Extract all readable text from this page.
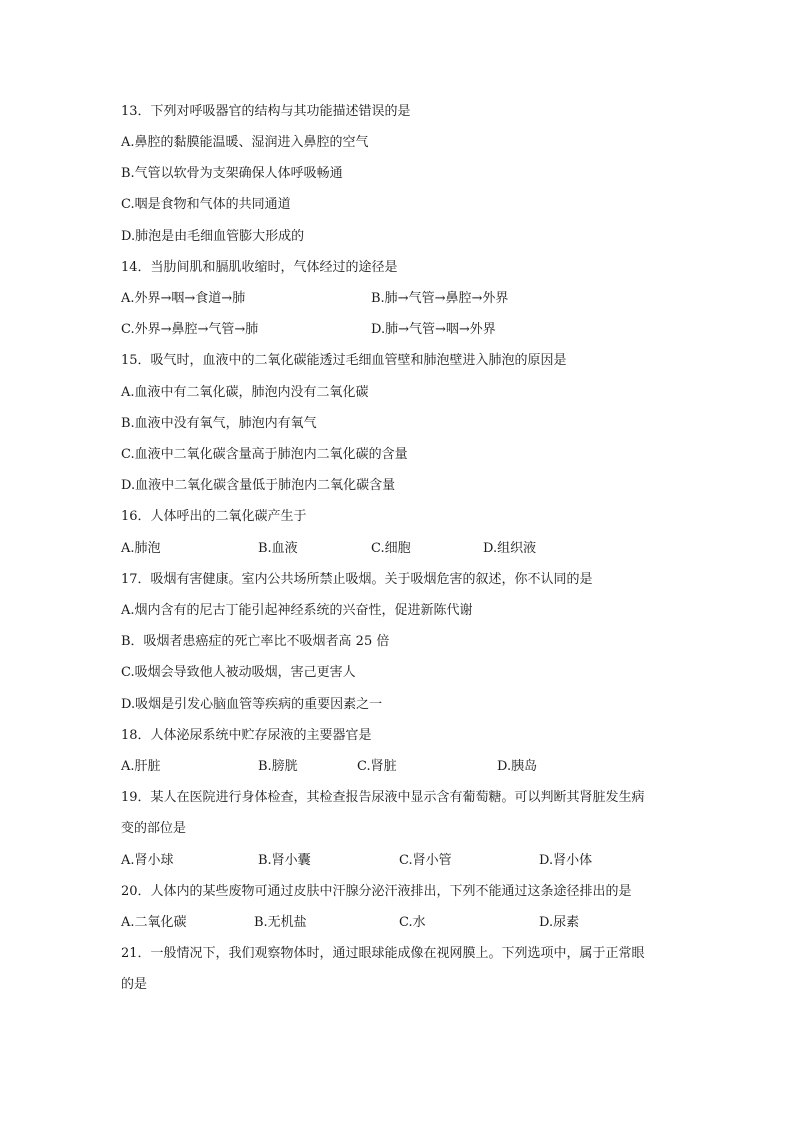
13．下列对呼吸器官的结构与其功能描述错误的是
A.鼻腔的黏膜能温暖、湿润进入鼻腔的空气
B.气管以软骨为支架确保人体呼吸畅通
C.咽是食物和气体的共同通道
D.肺泡是由毛细血管膨大形成的
14．当肋间肌和膈肌收缩时，气体经过的途径是
A.外界→咽→食道→肺	B.肺→气管→鼻腔→外界
C.外界→鼻腔→气管→肺	D.肺→气管→咽→外界
15．吸气时，血液中的二氧化碳能透过毛细血管壁和肺泡壁进入肺泡的原因是
A.血液中有二氧化碳，肺泡内没有二氧化碳
B.血液中没有氧气，肺泡内有氧气
C.血液中二氧化碳含量高于肺泡内二氧化碳的含量
D.血液中二氧化碳含量低于肺泡内二氧化碳含量
16．人体呼出的二氧化碳产生于
A.肺泡	B.血液	C.细胞	D.组织液
17．吸烟有害健康。室内公共场所禁止吸烟。关于吸烟危害的叙述，你不认同的是
A.烟内含有的尼古丁能引起神经系统的兴奋性，促进新陈代谢
B．吸烟者患癌症的死亡率比不吸烟者高 25 倍
C.吸烟会导致他人被动吸烟，害己更害人
D.吸烟是引发心脑血管等疾病的重要因素之一
18．人体泌尿系统中贮存尿液的主要器官是
A.肝脏	B.膀胱	C.肾脏	D.胰岛
19．某人在医院进行身体检查，其检查报告尿液中显示含有葡萄糖。可以判断其肾脏发生病
变的部位是
A.肾小球	B.肾小囊	C.肾小管	D.肾小体
20．人体内的某些废物可通过皮肤中汗腺分泌汗液排出，下列不能通过这条途径排出的是
A.二氧化碳	B.无机盐	C.水	D.尿素
21．一般情况下，我们观察物体时，通过眼球能成像在视网膜上。下列选项中，属于正常眼
的是
